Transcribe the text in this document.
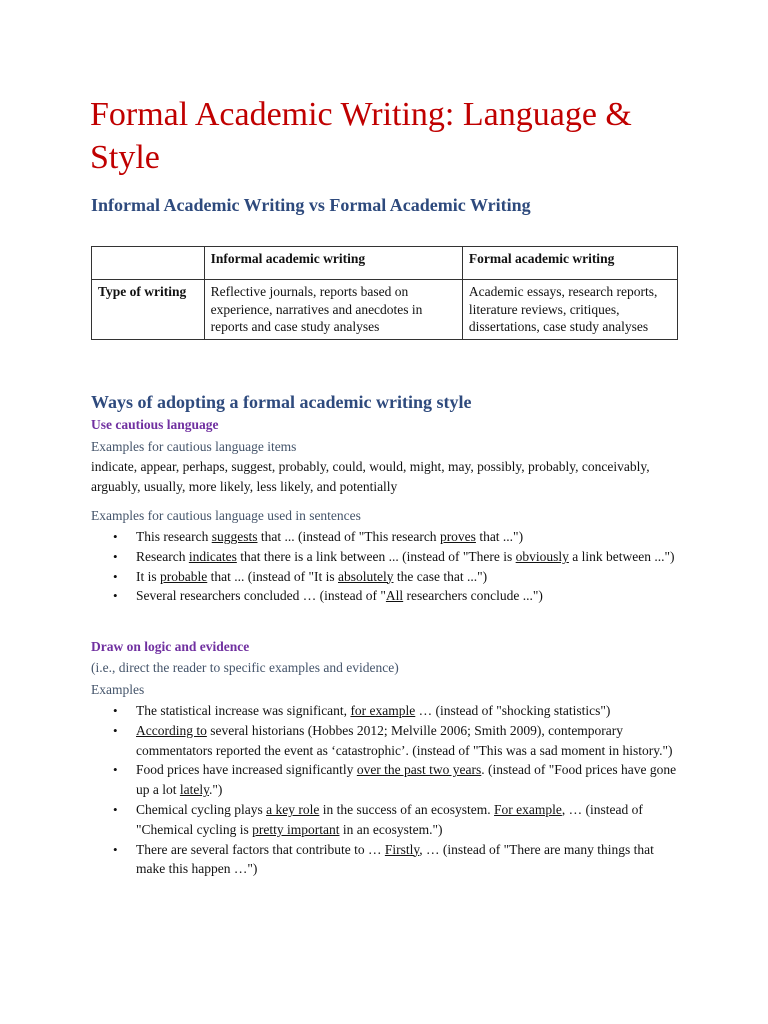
Formal Academic Writing: Language & Style
Informal Academic Writing vs Formal Academic Writing
	Informal academic writing	Formal academic writing
Type of writing	Reflective journals, reports based on experience, narratives and anecdotes in reports and case study analyses	Academic essays, research reports, literature reviews, critiques, dissertations, case study analyses
Ways of adopting a formal academic writing style
Use cautious language

Examples for cautious language items

indicate, appear, perhaps, suggest, probably, could, would, might, may, possibly, probably, conceivably, arguably, usually, more likely, less likely, and potentially

Examples for cautious language used in sentences

• This research suggests that ... (instead of "This research proves that ...")
• Research indicates that there is a link between ... (instead of "There is obviously a link between ...")
• It is probable that ... (instead of "It is absolutely the case that ...")
• Several researchers concluded … (instead of "All researchers conclude ...")
Draw on logic and evidence

(i.e., direct the reader to specific examples and evidence)

Examples

• The statistical increase was significant, for example … (instead of "shocking statistics")
• According to several historians (Hobbes 2012; Melville 2006; Smith 2009), contemporary commentators reported the event as ‘catastrophic’. (instead of "This was a sad moment in history.")
• Food prices have increased significantly over the past two years. (instead of "Food prices have gone up a lot lately.")
• Chemical cycling plays a key role in the success of an ecosystem. For example, … (instead of "Chemical cycling is pretty important in an ecosystem.")
• There are several factors that contribute to … Firstly, … (instead of "There are many things that make this happen …")
